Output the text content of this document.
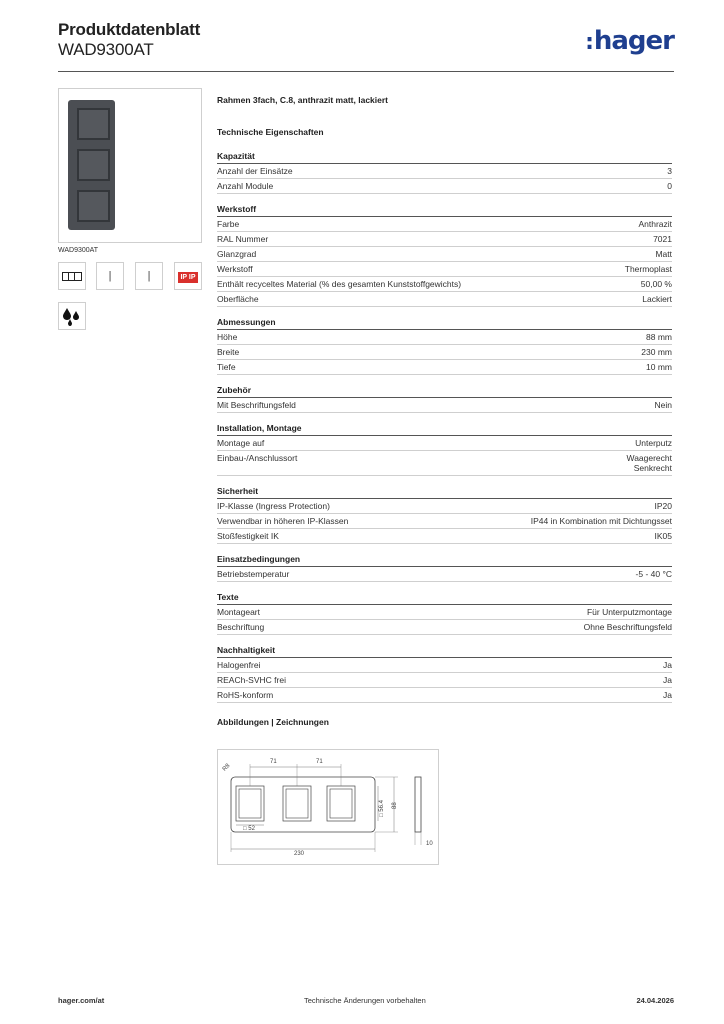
Produktdatenblatt
WAD9300AT	:hager
WAD9300AT
|	|	IP IP
Rahmen 3fach, C.8, anthrazit matt, lackiert
Technische Eigenschaften
Kapazität
Anzahl der Einsätze	3
Anzahl Module	0
Werkstoff
Farbe	Anthrazit
RAL Nummer	7021
Glanzgrad	Matt
Werkstoff	Thermoplast
Enthält recyceltes Material (% des gesamten Kunststoffgewichts)	50,00 %
Oberfläche	Lackiert
Abmessungen
Höhe	88 mm
Breite	230 mm
Tiefe	10 mm
Zubehör
Mit Beschriftungsfeld	Nein
Installation, Montage
Montage auf	Unterputz
Einbau-/Anschlussort	Waagerecht
Senkrecht
Sicherheit
IP-Klasse (Ingress Protection)	IP20
Verwendbar in höheren IP-Klassen	IP44 in Kombination mit Dichtungsset
Stoßfestigkeit IK	IK05
Einsatzbedingungen
Betriebstemperatur	-5 - 40 °C
Texte
Montageart	Für Unterputzmontage
Beschriftung	Ohne Beschriftungsfeld
Nachhaltigkeit
Halogenfrei	Ja
REACh-SVHC frei	Ja
RoHS-konform	Ja
Abbildungen | Zeichnungen
R8
71	71
□ 56.4 88
□ 52
230
10
hager.com/at	Technische Änderungen vorbehalten	24.04.2026
